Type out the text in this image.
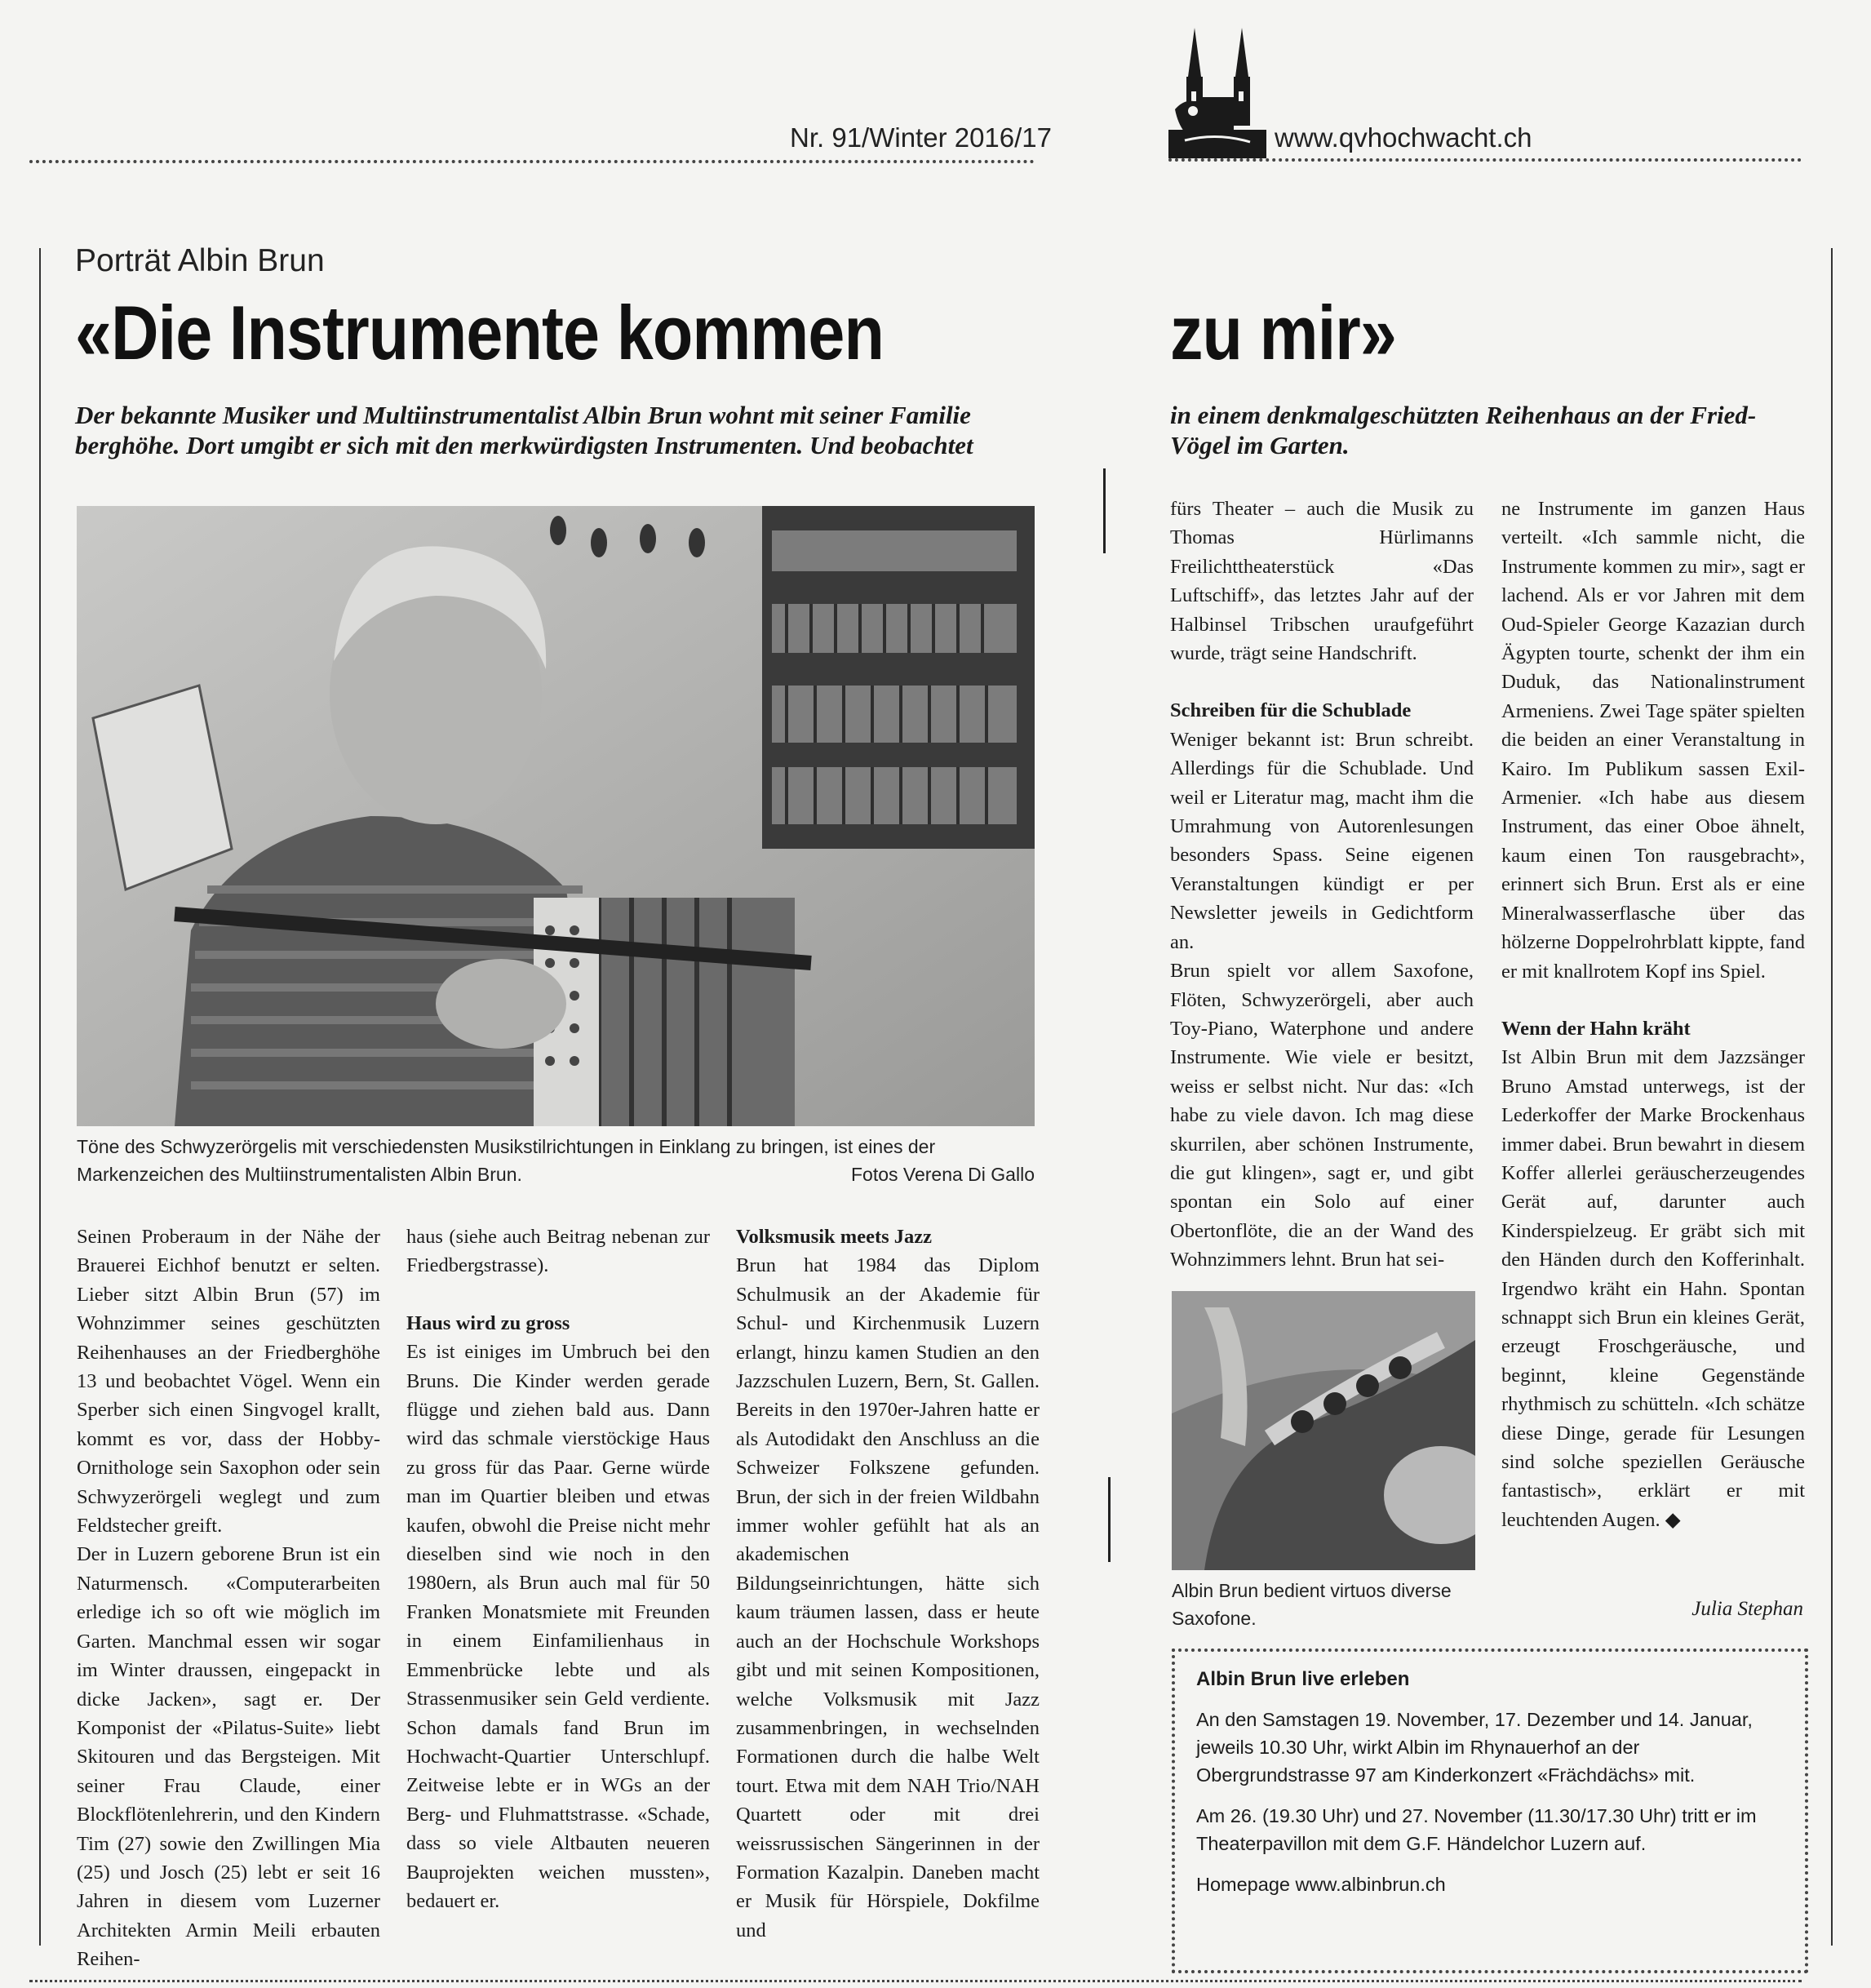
Nr. 91/Winter 2016/17	www.qvhochwacht.ch
Porträt Albin Brun
«Die Instrumente kommen	zu mir»
Der bekannte Musiker und Multiinstrumentalist Albin Brun wohnt mit seiner Familie berghöhe. Dort umgibt er sich mit den merkwürdigsten Instrumenten. Und beobachtet
in einem denkmalgeschützten Reihenhaus an der Fried-Vögel im Garten.
Töne des Schwyzerörgelis mit verschiedensten Musikstilrichtungen in Einklang zu bringen, ist eines der Markenzeichen des Multiinstrumentalisten Albin Brun.	Fotos Verena Di Gallo

Seinen Proberaum in der Nähe der Brauerei Eichhof benutzt er selten. Lieber sitzt Albin Brun (57) im Wohnzimmer seines geschützten Reihenhauses an der Friedberghöhe 13 und beobachtet Vögel. Wenn ein Sperber sich einen Singvogel krallt, kommt es vor, dass der Hobby-Ornithologe sein Saxophon oder sein Schwyzerörgeli weglegt und zum Feldstecher greift.

Der in Luzern geborene Brun ist ein Naturmensch. «Computerarbeiten erledige ich so oft wie möglich im Garten. Manchmal essen wir sogar im Winter draussen, eingepackt in dicke Jacken», sagt er. Der Komponist der «Pilatus-Suite» liebt Skitouren und das Bergsteigen. Mit seiner Frau Claude, einer Blockflötenlehrerin, und den Kindern Tim (27) sowie den Zwillingen Mia (25) und Josch (25) lebt er seit 16 Jahren in diesem vom Luzerner Architekten Armin Meili erbauten Reihen-

haus (siehe auch Beitrag nebenan zur Friedbergstrasse).

Haus wird zu gross

Es ist einiges im Umbruch bei den Bruns. Die Kinder werden gerade flügge und ziehen bald aus. Dann wird das schmale vierstöckige Haus zu gross für das Paar. Gerne würde man im Quartier bleiben und etwas kaufen, obwohl die Preise nicht mehr dieselben sind wie noch in den 1980ern, als Brun auch mal für 50 Franken Monatsmiete mit Freunden in einem Einfamilienhaus in Emmenbrücke lebte und als Strassenmusiker sein Geld verdiente. Schon damals fand Brun im Hochwacht-Quartier Unterschlupf. Zeitweise lebte er in WGs an der Berg- und Fluhmattstrasse. «Schade, dass so viele Altbauten neueren Bauprojekten weichen mussten», bedauert er.

Volksmusik meets Jazz

Brun hat 1984 das Diplom Schulmusik an der Akademie für Schul- und Kirchenmusik Luzern erlangt, hinzu kamen Studien an den Jazzschulen Luzern, Bern, St. Gallen. Bereits in den 1970er-Jahren hatte er als Autodidakt den Anschluss an die Schweizer Folkszene gefunden. Brun, der sich in der freien Wildbahn immer wohler gefühlt hat als an akademischen Bildungseinrichtungen, hätte sich kaum träumen lassen, dass er heute auch an der Hochschule Workshops gibt und mit seinen Kompositionen, welche Volksmusik mit Jazz zusammenbringen, in wechselnden Formationen durch die halbe Welt tourt. Etwa mit dem NAH Trio/NAH Quartett oder mit drei weissrussischen Sängerinnen in der Formation Kazalpin. Daneben macht er Musik für Hörspiele, Dokfilme und

fürs Theater – auch die Musik zu Thomas Hürlimanns Freilichttheaterstück «Das Luftschiff», das letztes Jahr auf der Halbinsel Tribschen uraufgeführt wurde, trägt seine Handschrift.

Schreiben für die Schublade

Weniger bekannt ist: Brun schreibt. Allerdings für die Schublade. Und weil er Literatur mag, macht ihm die Umrahmung von Autorenlesungen besonders Spass. Seine eigenen Veranstaltungen kündigt er per Newsletter jeweils in Gedichtform an.

Brun spielt vor allem Saxofone, Flöten, Schwyzerörgeli, aber auch Toy-Piano, Waterphone und andere Instrumente. Wie viele er besitzt, weiss er selbst nicht. Nur das: «Ich habe zu viele davon. Ich mag diese skurrilen, aber schönen Instrumente, die gut klingen», sagt er, und gibt spontan ein Solo auf einer Obertonflöte, die an der Wand des Wohnzimmers lehnt. Brun hat sei-

Albin Brun bedient virtuos diverse Saxofone.

ne Instrumente im ganzen Haus verteilt. «Ich sammle nicht, die Instrumente kommen zu mir», sagt er lachend. Als er vor Jahren mit dem Oud-Spieler George Kazazian durch Ägypten tourte, schenkt der ihm ein Duduk, das Nationalinstrument Armeniens. Zwei Tage später spielten die beiden an einer Veranstaltung in Kairo. Im Publikum sassen Exil-Armenier. «Ich habe aus diesem Instrument, das einer Oboe ähnelt, kaum einen Ton rausgebracht», erinnert sich Brun. Erst als er eine Mineralwasserflasche über das hölzerne Doppelrohrblatt kippte, fand er mit knallrotem Kopf ins Spiel.

Wenn der Hahn kräht

Ist Albin Brun mit dem Jazzsänger Bruno Amstad unterwegs, ist der Lederkoffer der Marke Brockenhaus immer dabei. Brun bewahrt in diesem Koffer allerlei geräuscherzeugendes Gerät auf, darunter auch Kinderspielzeug. Er gräbt sich mit den Händen durch den Kofferinhalt. Irgendwo kräht ein Hahn. Spontan schnappt sich Brun ein kleines Gerät, erzeugt Froschgeräusche, und beginnt, kleine Gegenstände rhythmisch zu schütteln. «Ich schätze diese Dinge, gerade für Lesungen sind solche speziellen Geräusche fantastisch», erklärt er mit leuchtenden Augen. ◆

Julia Stephan
Albin Brun live erleben
An den Samstagen 19. November, 17. Dezember und 14. Januar, jeweils 10.30 Uhr, wirkt Albin im Rhynauerhof an der Obergrundstrasse 97 am Kinderkonzert «Frächdächs» mit.
Am 26. (19.30 Uhr) und 27. November (11.30/17.30 Uhr) tritt er im Theaterpavillon mit dem G.F. Händelchor Luzern auf.
Homepage www.albinbrun.ch
